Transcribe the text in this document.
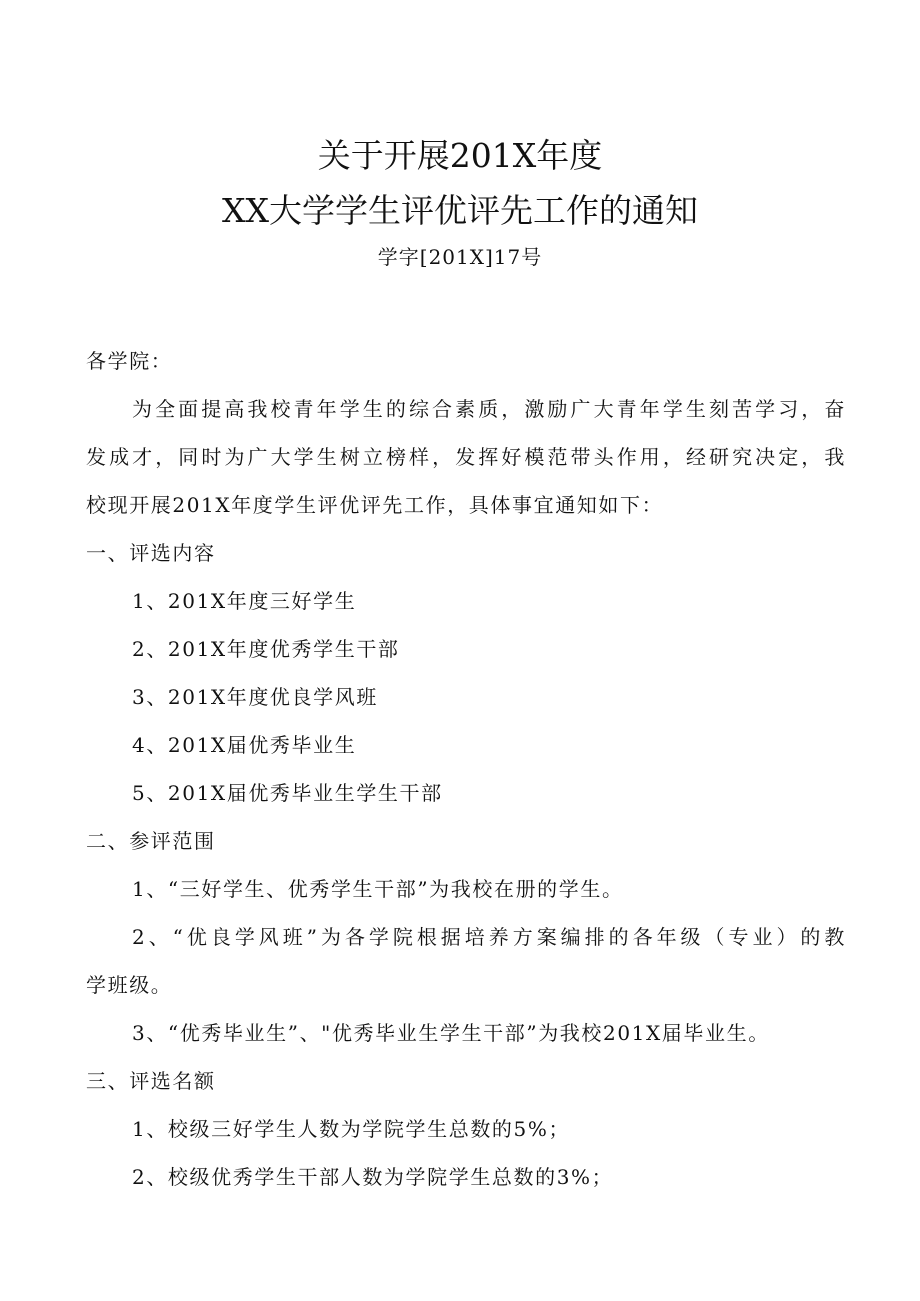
关于开展201X年度
XX大学学生评优评先工作的通知
学字[201X]17号
各学院：
为全面提高我校青年学生的综合素质，激励广大青年学生刻苦学习，奋
发成才，同时为广大学生树立榜样，发挥好模范带头作用，经研究决定，我
校现开展201X年度学生评优评先工作，具体事宜通知如下：
一、评选内容
1、201X年度三好学生
2、201X年度优秀学生干部
3、201X年度优良学风班
4、201X届优秀毕业生
5、201X届优秀毕业生学生干部
二、参评范围
1、“三好学生、优秀学生干部”为我校在册的学生。
2、“优良学风班”为各学院根据培养方案编排的各年级（专业）的教
学班级。
3、“优秀毕业生”、"优秀毕业生学生干部”为我校201X届毕业生。
三、评选名额
1、校级三好学生人数为学院学生总数的5%；
2、校级优秀学生干部人数为学院学生总数的3%；
